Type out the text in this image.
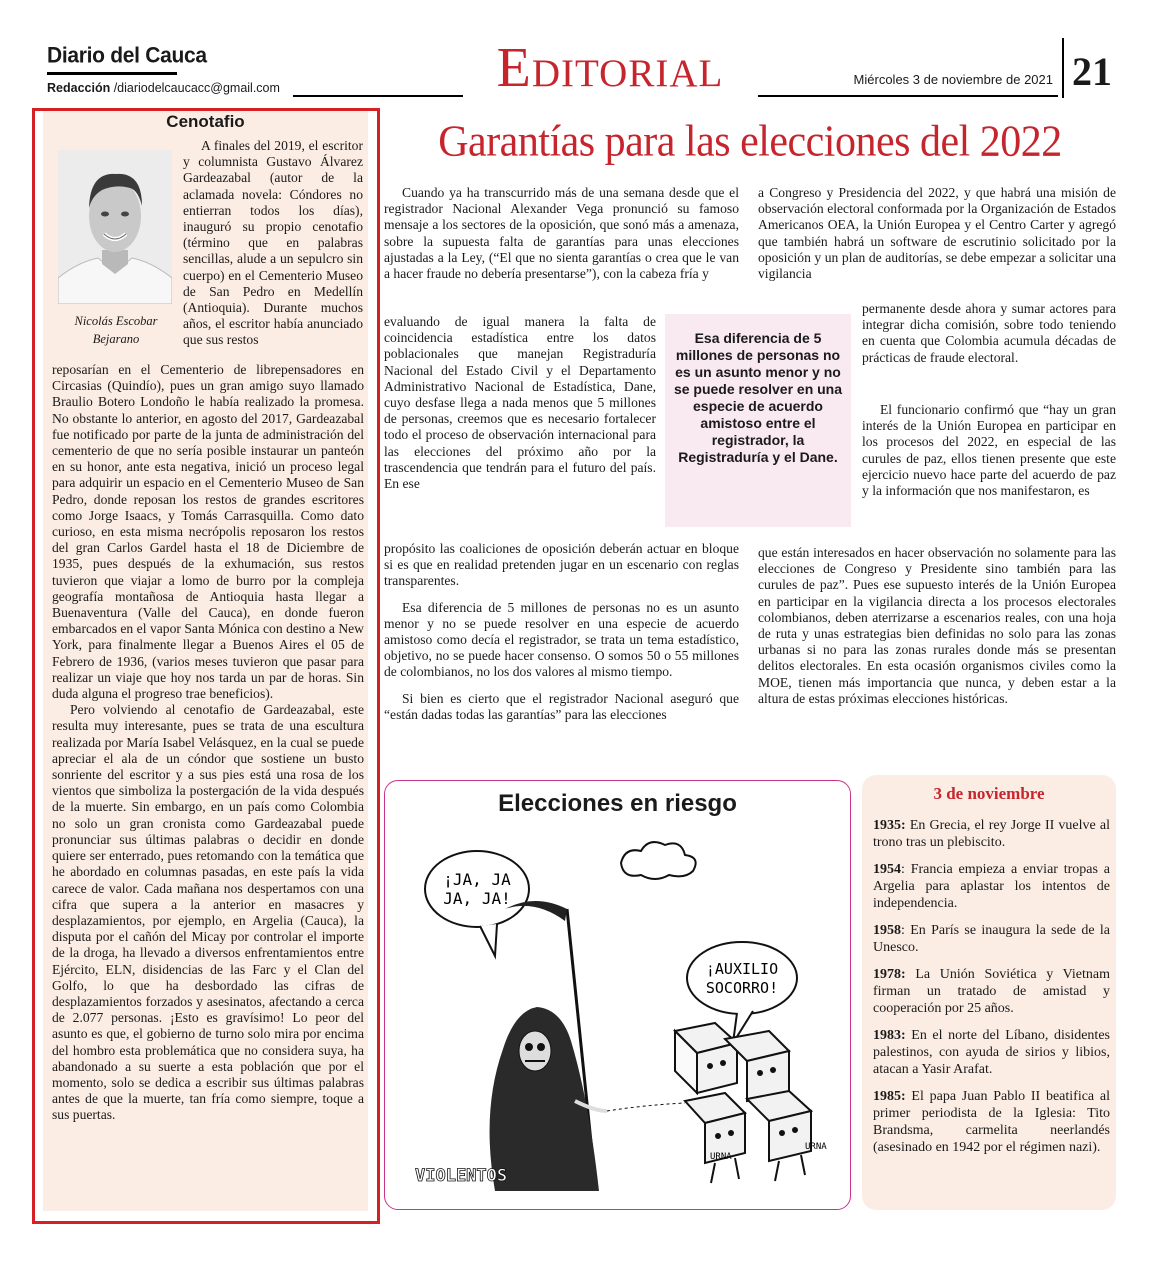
Diario del Cauca
Redacción /diariodelcaucacc@gmail.com	Editorial	Miércoles 3 de noviembre de 2021 21
Cenotafio
Nicolás Escobar
Bejarano

A finales del 2019, el escritor y columnista Gustavo Álvarez Gardeazabal (autor de la aclamada novela: Cóndores no entierran todos los días), inauguró su propio cenotafio (término que en palabras sencillas, alude a un sepulcro sin cuerpo) en el Cementerio Museo de San Pedro en Medellín (Antioquia). Durante muchos años, el escritor había anunciado que sus restos

reposarían en el Cementerio de librepensadores en Circasias (Quindío), pues un gran amigo suyo llamado Braulio Botero Londoño le había realizado la promesa. No obstante lo anterior, en agosto del 2017, Gardeazabal fue notificado por parte de la junta de administración del cementerio de que no sería posible instaurar un panteón en su honor, ante esta negativa, inició un proceso legal para adquirir un espacio en el Cementerio Museo de San Pedro, donde reposan los restos de grandes escritores como Jorge Isaacs, y Tomás Carrasquilla. Como dato curioso, en esta misma necrópolis reposaron los restos del gran Carlos Gardel hasta el 18 de Diciembre de 1935, pues después de la exhumación, sus restos tuvieron que viajar a lomo de burro por la compleja geografía montañosa de Antioquia hasta llegar a Buenaventura (Valle del Cauca), en donde fueron embarcados en el vapor Santa Mónica con destino a New York, para finalmente llegar a Buenos Aires el 05 de Febrero de 1936, (varios meses tuvieron que pasar para realizar un viaje que hoy nos tarda un par de horas. Sin duda alguna el progreso trae beneficios).

Pero volviendo al cenotafio de Gardeazabal, este resulta muy interesante, pues se trata de una escultura realizada por María Isabel Velásquez, en la cual se puede apreciar el ala de un cóndor que sostiene un busto sonriente del escritor y a sus pies está una rosa de los vientos que simboliza la postergación de la vida después de la muerte. Sin embargo, en un país como Colombia no solo un gran cronista como Gardeazabal puede pronunciar sus últimas palabras o decidir en donde quiere ser enterrado, pues retomando con la temática que he abordado en columnas pasadas, en este país la vida carece de valor. Cada mañana nos despertamos con una cifra que supera a la anterior en masacres y desplazamientos, por ejemplo, en Argelia (Cauca), la disputa por el cañón del Micay por controlar el importe de la droga, ha llevado a diversos enfrentamientos entre Ejército, ELN, disidencias de las Farc y el Clan del Golfo, lo que ha desbordado las cifras de desplazamientos forzados y asesinatos, afectando a cerca de 2.077 personas. ¡Esto es gravísimo! Lo peor del asunto es que, el gobierno de turno solo mira por encima del hombro esta problemática que no considera suya, ha abandonado a su suerte a esta población que por el momento, solo se dedica a escribir sus últimas palabras antes de que la muerte, tan fría como siempre, toque a sus puertas.

Garantías para las elecciones del 2022

Cuando ya ha transcurrido más de una semana desde que el registrador Nacional Alexander Vega pronunció su famoso mensaje a los sectores de la oposición, que sonó más a amenaza, sobre la supuesta falta de garantías para unas elecciones ajustadas a la Ley, (“El que no sienta garantías o crea que le van a hacer fraude no debería presentarse”), con la cabeza fría y

evaluando de igual manera la falta de coincidencia estadística entre los datos poblacionales que manejan Registraduría Nacional del Estado Civil y el Departamento Administrativo Nacional de Estadística, Dane, cuyo desfase llega a nada menos que 5 millones de personas, creemos que es necesario fortalecer todo el proceso de observación internacional para las elecciones del próximo año por la trascendencia que tendrán para el futuro del país. En ese

propósito las coaliciones de oposición deberán actuar en bloque si es que en realidad pretenden jugar en un escenario con reglas transparentes.

Esa diferencia de 5 millones de personas no es un asunto menor y no se puede resolver en una especie de acuerdo amistoso como decía el registrador, se trata un tema estadístico, objetivo, no se puede hacer consenso. O somos 50 o 55 millones de colombianos, no los dos valores al mismo tiempo.

Si bien es cierto que el registrador Nacional aseguró que “están dadas todas las garantías” para las elecciones

Esa diferencia de 5 millones de personas no es un asunto menor y no se puede resolver en una especie de acuerdo amistoso entre el registrador, la Registraduría y el Dane.

a Congreso y Presidencia del 2022, y que habrá una misión de observación electoral conformada por la Organización de Estados Americanos OEA, la Unión Europea y el Centro Carter y agregó que también habrá un software de escrutinio solicitado por la oposición y un plan de auditorías, se debe empezar a solicitar una vigilancia

permanente desde ahora y sumar actores para integrar dicha comisión, sobre todo teniendo en cuenta que Colombia acumula décadas de prácticas de fraude electoral.

El funcionario confirmó que “hay un gran interés de la Unión Europea en participar en los procesos del 2022, en especial de las curules de paz, ellos tienen presente que este ejercicio nuevo hace parte del acuerdo de paz y la información que nos manifestaron, es

que están interesados en hacer observación no solamente para las elecciones de Congreso y Presidente sino también para las curules de paz”. Pues ese supuesto interés de la Unión Europea en participar en la vigilancia directa a los procesos electorales colombianos, deben aterrizarse a escenarios reales, con una hoja de ruta y unas estrategias bien definidas no solo para las zonas urbanas si no para las zonas rurales donde más se presentan delitos electorales. En esta ocasión organismos civiles como la MOE, tienen más importancia que nunca, y deben estar a la altura de estas próximas elecciones históricas.

¡JA, JA
JA, JA!
¡AUXILIO
SOCORRO!
VIOLENTOS
URNA
URNA
Elecciones en riesgo	3 de noviembre
1935: En Grecia, el rey Jorge II vuelve al trono tras un plebiscito.
1954: Francia empieza a enviar tropas a Argelia para aplastar los intentos de independencia.
1958: En París se inaugura la sede de la Unesco.
1978: La Unión Soviética y Vietnam firman un tratado de amistad y cooperación por 25 años.
1983: En el norte del Líbano, disidentes palestinos, con ayuda de sirios y libios, atacan a Yasir Arafat.
1985: El papa Juan Pablo II beatifica al primer periodista de la Iglesia: Tito Brandsma, carmelita neerlandés (asesinado en 1942 por el régimen nazi).
